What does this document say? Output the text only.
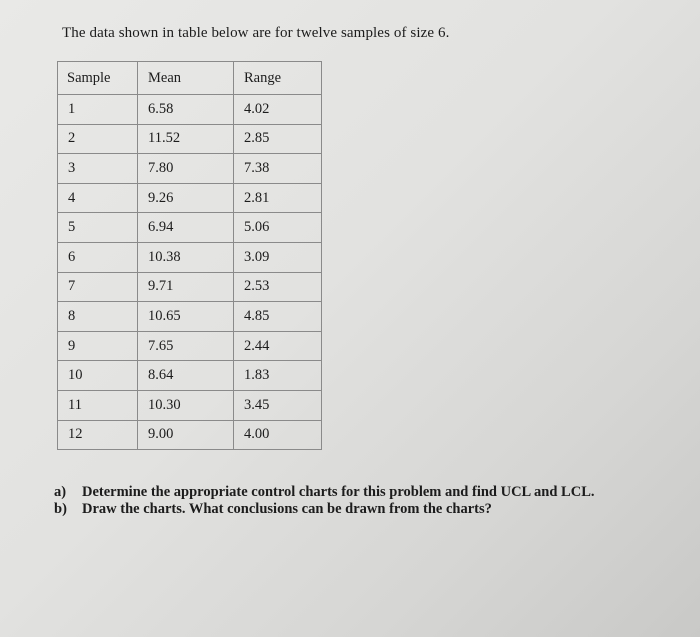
The data shown in table below are for twelve samples of size 6.
Sample	Mean	Range
1	6.58	4.02
2	11.52	2.85
3	7.80	7.38
4	9.26	2.81
5	6.94	5.06
6	10.38	3.09
7	9.71	2.53
8	10.65	4.85
9	7.65	2.44
10	8.64	1.83
11	10.30	3.45
12	9.00	4.00
a)	Determine the appropriate control charts for this problem and find UCL and LCL.
b)	Draw the charts. What conclusions can be drawn from the charts?
